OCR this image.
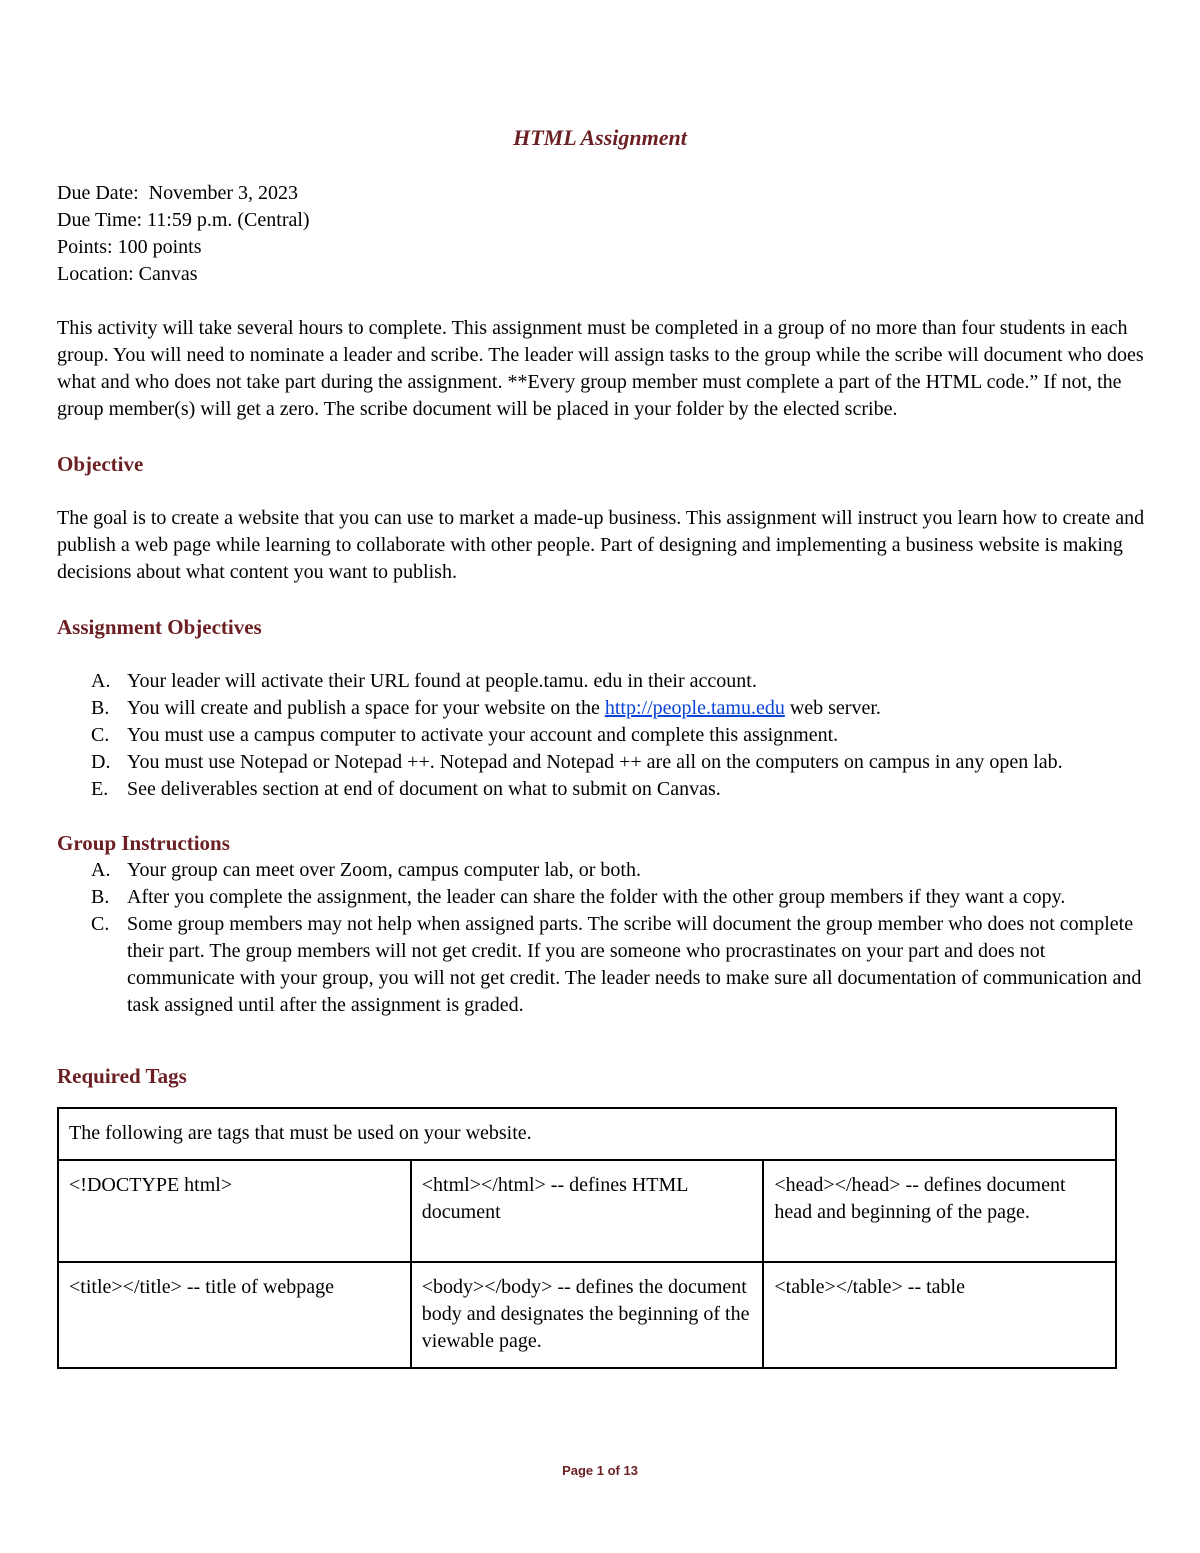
HTML Assignment

Due Date:  November 3, 2023

Due Time: 11:59 p.m. (Central)

Points: 100 points

Location: Canvas

This activity will take several hours to complete. This assignment must be completed in a group of no more than four students in each group. You will need to nominate a leader and scribe. The leader will assign tasks to the group while the scribe will document who does what and who does not take part during the assignment. **Every group member must complete a part of the HTML code.” If not, the group member(s) will get a zero. The scribe document will be placed in your folder by the elected scribe.

Objective

The goal is to create a website that you can use to market a made-up business. This assignment will instruct you learn how to create and publish a web page while learning to collaborate with other people. Part of designing and implementing a business website is making decisions about what content you want to publish.

Assignment Objectives

A. Your leader will activate their URL found at people.tamu. edu in their account.
B. You will create and publish a space for your website on the http://people.tamu.edu web server.
C. You must use a campus computer to activate your account and complete this assignment.
D. You must use Notepad or Notepad ++. Notepad and Notepad ++ are all on the computers on campus in any open lab.
E. See deliverables section at end of document on what to submit on Canvas.

Group Instructions

A. Your group can meet over Zoom, campus computer lab, or both.
B. After you complete the assignment, the leader can share the folder with the other group members if they want a copy.
C. Some group members may not help when assigned parts. The scribe will document the group member who does not complete their part. The group members will not get credit. If you are someone who procrastinates on your part and does not communicate with your group, you will not get credit. The leader needs to make sure all documentation of communication and task assigned until after the assignment is graded.

Required Tags

The following are tags that must be used on your website.		
<!DOCTYPE html>	<html></html> -- defines HTML document	<head></head> -- defines document head and beginning of the page.
<title></title> -- title of webpage	<body></body> -- defines the document body and designates the beginning of the viewable page.	<table></table> -- table
Page 1 of 13
